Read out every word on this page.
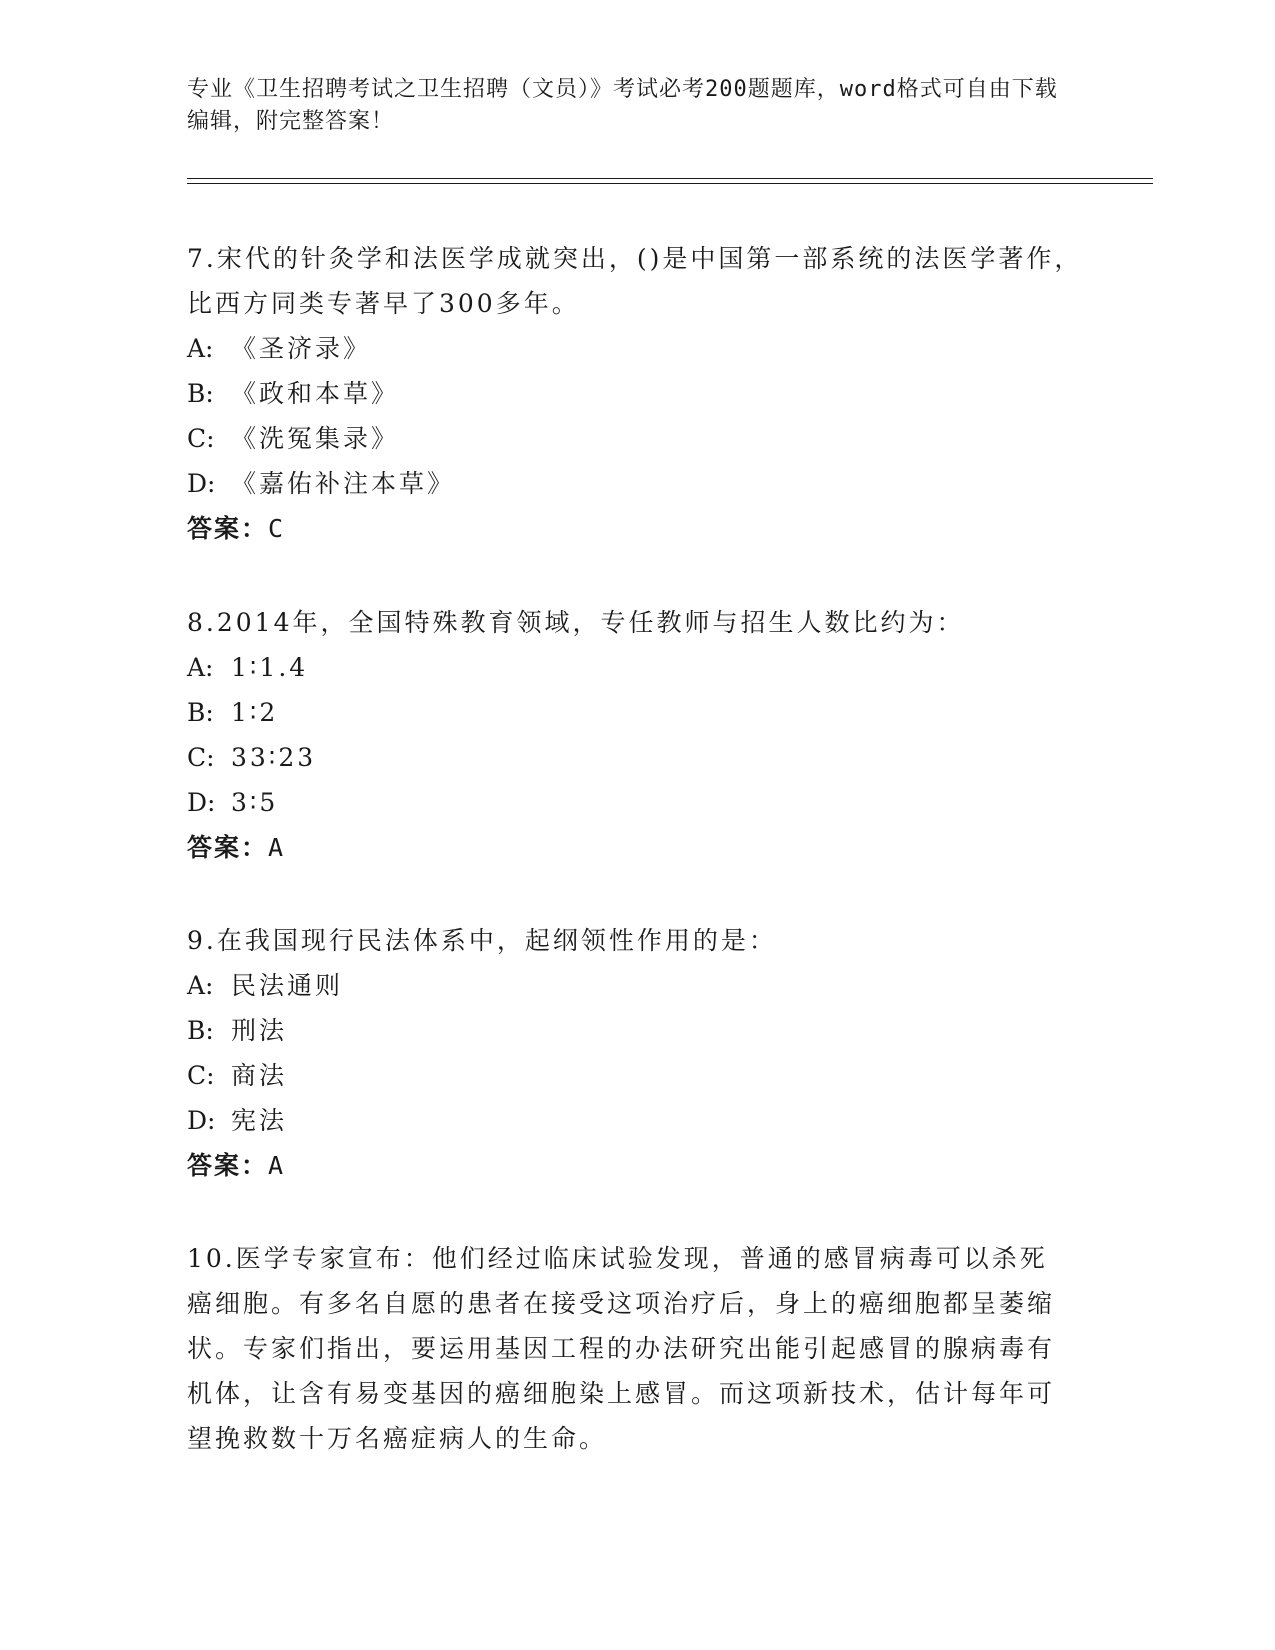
专业《卫生招聘考试之卫生招聘（文员）》考试必考200题题库，word格式可自由下载编辑，附完整答案！
7.宋代的针灸学和法医学成就突出，()是中国第一部系统的法医学著作，比西方同类专著早了300多年。
A: 《圣济录》
B: 《政和本草》
C: 《洗冤集录》
D: 《嘉佑补注本草》
答案：C
8.2014年，全国特殊教育领域，专任教师与招生人数比约为：
A: 1∶1.4
B: 1∶2
C: 33∶23
D: 3∶5
答案：A
9.在我国现行民法体系中，起纲领性作用的是：
A: 民法通则
B: 刑法
C: 商法
D: 宪法
答案：A
10.医学专家宣布：他们经过临床试验发现，普通的感冒病毒可以杀死癌细胞。有多名自愿的患者在接受这项治疗后，身上的癌细胞都呈萎缩状。专家们指出，要运用基因工程的办法研究出能引起感冒的腺病毒有机体，让含有易变基因的癌细胞染上感冒。而这项新技术，估计每年可望挽救数十万名癌症病人的生命。
